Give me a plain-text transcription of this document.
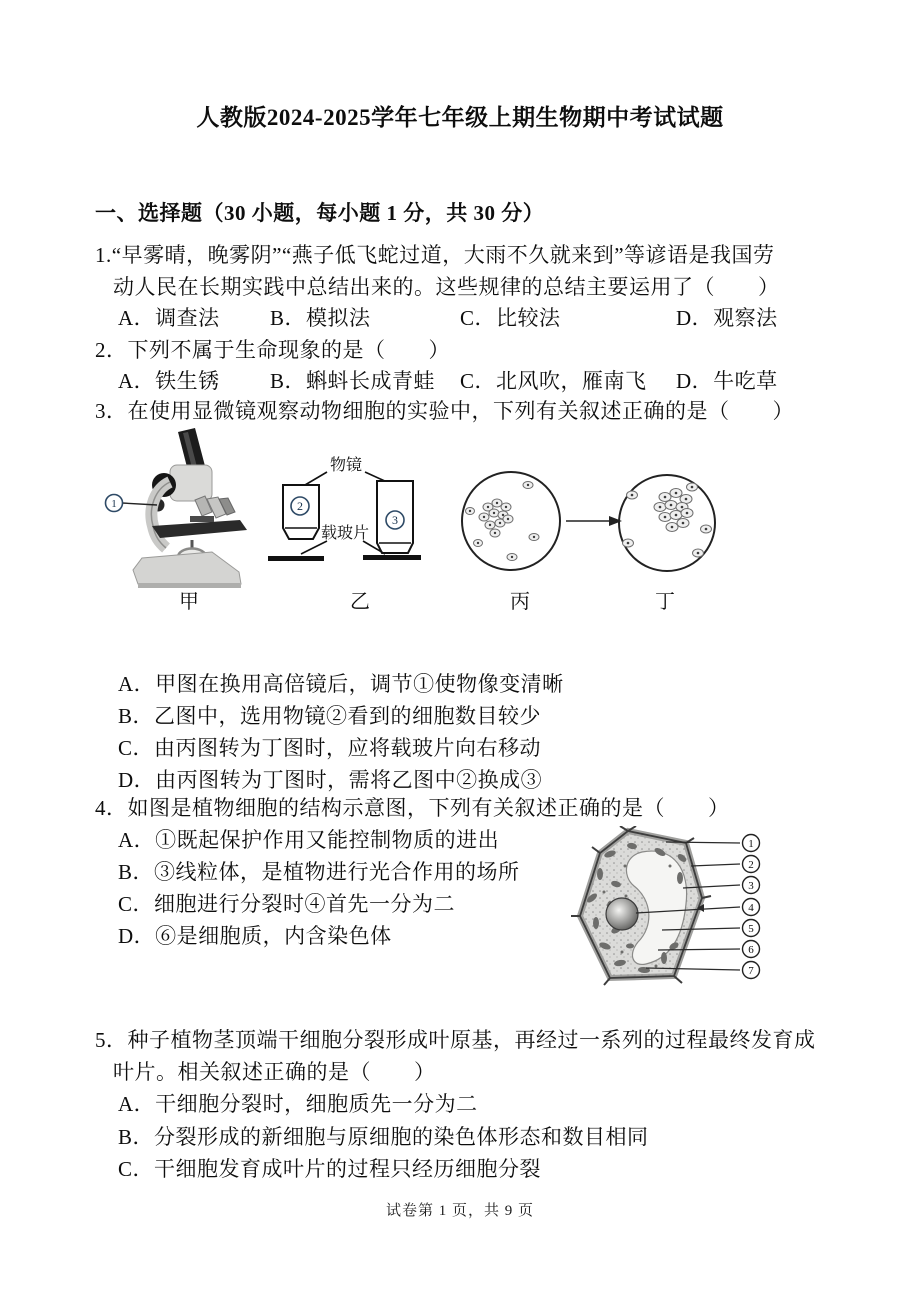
人教版2024-2025学年七年级上期生物期中考试试题
一、选择题（30 小题，每小题 1 分，共 30 分）
1.“早雾晴，晚雾阴”“燕子低飞蛇过道，大雨不久就来到”等谚语是我国劳
动人民在长期实践中总结出来的。这些规律的总结主要运用了（　　）
A．调查法 B．模拟法	C．比较法	D．观察法
2．下列不属于生命现象的是（　　）
A．铁生锈 B．蝌蚪长成青蛙 C．北风吹，雁南飞 D．牛吃草
3．在使用显微镜观察动物细胞的实验中，下列有关叙述正确的是（　　）
1
物镜
2
3
载玻片
甲	乙	丙	丁
A．甲图在换用高倍镜后，调节①使物像变清晰
B．乙图中，选用物镜②看到的细胞数目较少
C．由丙图转为丁图时，应将载玻片向右移动
D．由丙图转为丁图时，需将乙图中②换成③
4．如图是植物细胞的结构示意图，下列有关叙述正确的是（　　）
A．①既起保护作用又能控制物质的进出
B．③线粒体，是植物进行光合作用的场所
C．细胞进行分裂时④首先一分为二
D．⑥是细胞质，内含染色体
1
2
3
4
5
6
7
5．种子植物茎顶端干细胞分裂形成叶原基，再经过一系列的过程最终发育成
叶片。相关叙述正确的是（　　）
A．干细胞分裂时，细胞质先一分为二
B．分裂形成的新细胞与原细胞的染色体形态和数目相同
C．干细胞发育成叶片的过程只经历细胞分裂
试卷第 1 页，共 9 页
